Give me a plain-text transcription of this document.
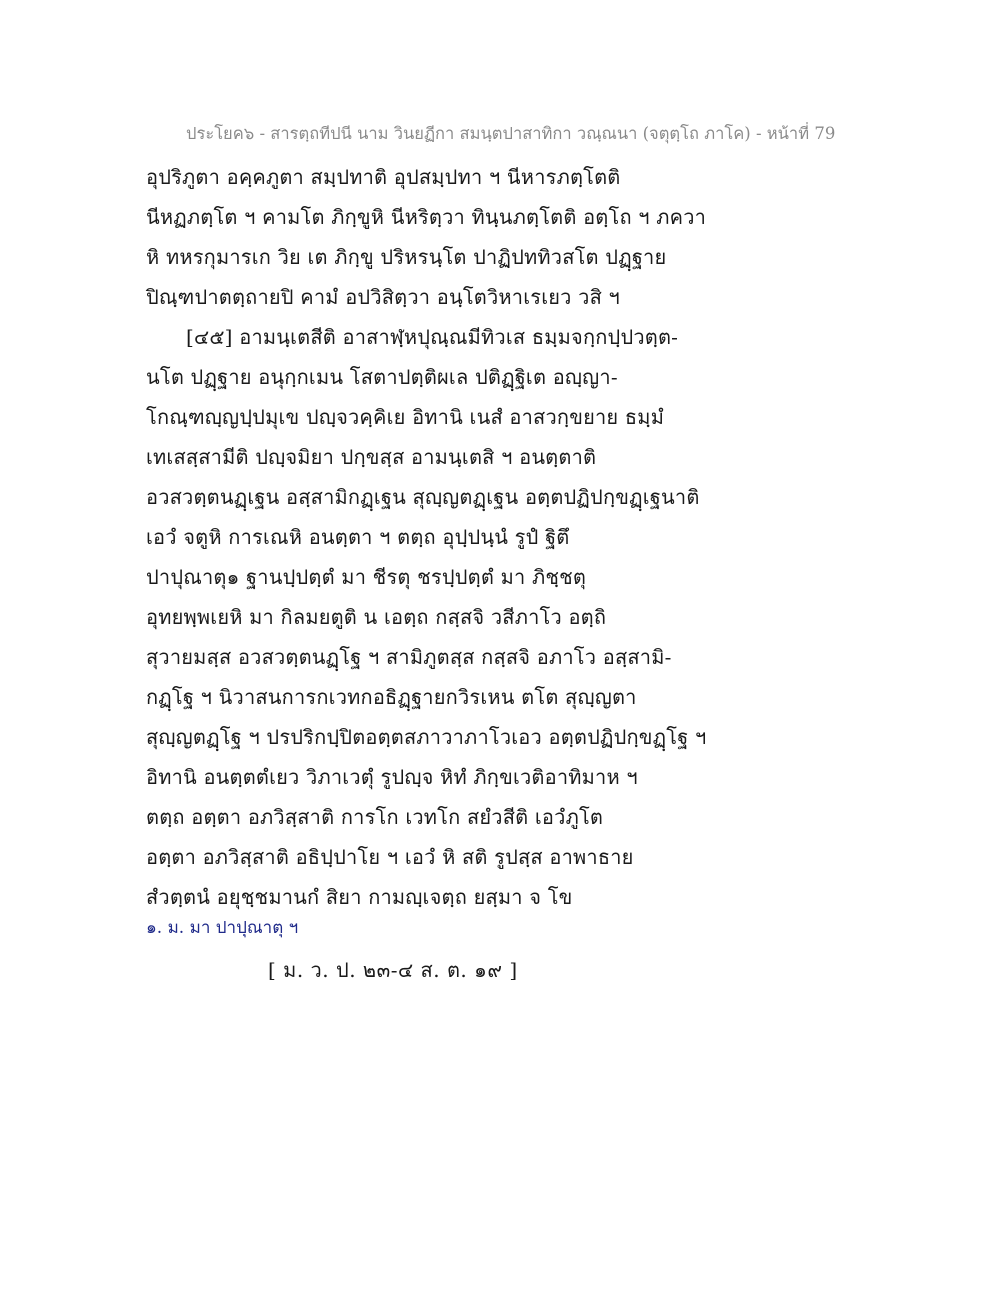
ประโยค๖ - สารตฺถทีปนี นาม วินยฏีกา สมนฺตปาสาทิกา วณฺณนา (จตุตฺโถ ภาโค) - หน้าที่ 79
อุปริภูตา อคฺคภูตา สมฺปทาติ อุปสมฺปทา ฯ นีหารภตฺโตติ
นีหฏภตฺโต ฯ คามโต ภิกฺขูหิ นีหริตฺวา ทินฺนภตฺโตติ อตฺโถ ฯ ภควา
หิ ทหรกุมารเก วิย เต ภิกฺขู ปริหรนฺโต ปาฏิปททิวสโต ปฏฺฐาย
ปิณฺฑปาตตฺถายปิ คามํ อปวิสิตฺวา อนฺโตวิหาเรเยว วสิ ฯ
[๔๕] อามนฺเตสีติ อาสาฬฺหปุณฺณมีทิวเส ธมฺมจกฺกปฺปวตฺต-
นโต ปฏฺฐาย อนุกฺกเมน โสตาปตฺติผเล ปติฏฺฐิเต อญฺญา-
โกณฺฑญฺญปฺปมุเข ปญฺจวคฺคิเย อิทานิ เนสํ อาสวกฺขยาย ธมฺมํ
เทเสสฺสามีติ ปญฺจมิยา ปกฺขสฺส อามนฺเตสิ ฯ อนตฺตาติ
อวสวตฺตนฏฺเฐน อสฺสามิกฏฺเฐน สุญฺญตฏฺเฐน อตฺตปฏิปกฺขฏฺเฐนาติ
เอวํ จตูหิ การเณหิ อนตฺตา ฯ ตตฺถ อุปฺปนฺนํ รูปํ ฐิตึ
ปาปุณาตุ๑ ฐานปฺปตฺตํ มา ชีรตุ ชรปฺปตฺตํ มา ภิชฺชตุ
อุทยพฺพเยหิ มา กิลมยตูติ น เอตฺถ กสฺสจิ วสีภาโว อตฺถิ
สุวายมสฺส อวสวตฺตนฏฺโฐ ฯ สามิภูตสฺส กสฺสจิ อภาโว อสฺสามิ-
กฏฺโฐ ฯ นิวาสนการกเวทกอธิฏฺฐายกวิรเหน ตโต สุญฺญตา
สุญฺญตฏฺโฐ ฯ ปรปริกปฺปิตอตฺตสภาวาภาโวเอว อตฺตปฏิปกฺขฏฺโฐ ฯ
อิทานิ อนตฺตตํเยว วิภาเวตุํ รูปญฺจ หิทํ ภิกฺขเวติอาทิมาห ฯ
ตตฺถ อตฺตา อภวิสฺสาติ การโก เวทโก สยํวสีติ เอวํภูโต
อตฺตา อภวิสฺสาติ อธิปฺปาโย ฯ เอวํ หิ สติ รูปสฺส อาพาธาย
สํวตฺตนํ อยุชฺชมานกํ สิยา กามญฺเจตฺถ ยสฺมา จ โข
๑. ม. มา ปาปุณาตุ ฯ
[ ม. ว. ป. ๒๓-๔ ส. ต. ๑๙ ]
